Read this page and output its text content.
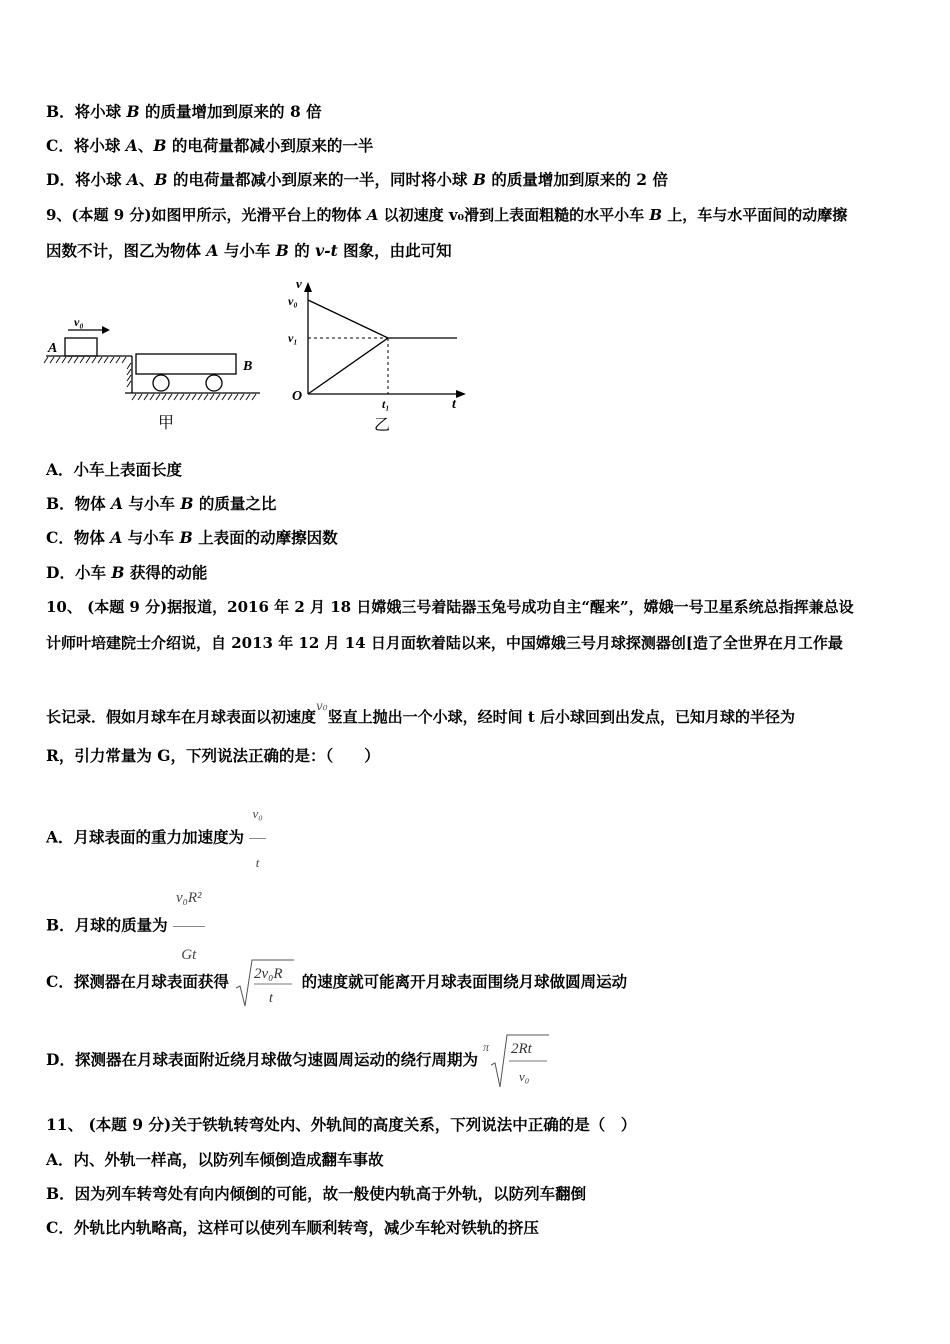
B．将小球 B 的质量增加到原来的 8 倍
C．将小球 A、B 的电荷量都减小到原来的一半
D．将小球 A、B 的电荷量都减小到原来的一半，同时将小球 B 的质量增加到原来的 2 倍
9、(本题 9 分)如图甲所示，光滑平台上的物体 A 以初速度 v₀滑到上表面粗糙的水平小车 B 上，车与水平面间的动摩擦
因数不计，图乙为物体 A 与小车 B 的 v-t 图象，由此可知
v₀
A
B
甲
v
v₀
v₁
O	t₁	t
乙
A．小车上表面长度
B．物体 A 与小车 B 的质量之比
C．物体 A 与小车 B 上表面的动摩擦因数
D．小车 B 获得的动能
10、 (本题 9 分)据报道，2016 年 2 月 18 日嫦娥三号着陆器玉兔号成功自主“醒来”，嫦娥一号卫星系统总指挥兼总设
计师叶培建院士介绍说，自 2013 年 12 月 14 日月面软着陆以来，中国嫦娥三号月球探测器创[造了全世界在月工作最
长记录．假如月球车在月球表面以初速度$^{v_0}$竖直上抛出一个小球，经时间 t 后小球回到出发点，已知月球的半径为
R，引力常量为 G，下列说法正确的是：（　　）
A．月球表面的重力加速度为 $\frac{\text{v₀}}{t}$
B．月球的质量为 $\frac{\text{v₀R²}}{Gt}$
C．探测器在月球表面获得 2v₀R
t
的速度就可能离开月球表面围绕月球做圆周运动
D．探测器在月球表面附近绕月球做匀速圆周运动的绕行周期为
π 2Rt
v₀
11、 (本题 9 分)关于铁轨转弯处内、外轨间的高度关系，下列说法中正确的是（　）
A．内、外轨一样高，以防列车倾倒造成翻车事故
B．因为列车转弯处有向内倾倒的可能，故一般使内轨高于外轨，以防列车翻倒
C．外轨比内轨略高，这样可以使列车顺利转弯，减少车轮对铁轨的挤压
